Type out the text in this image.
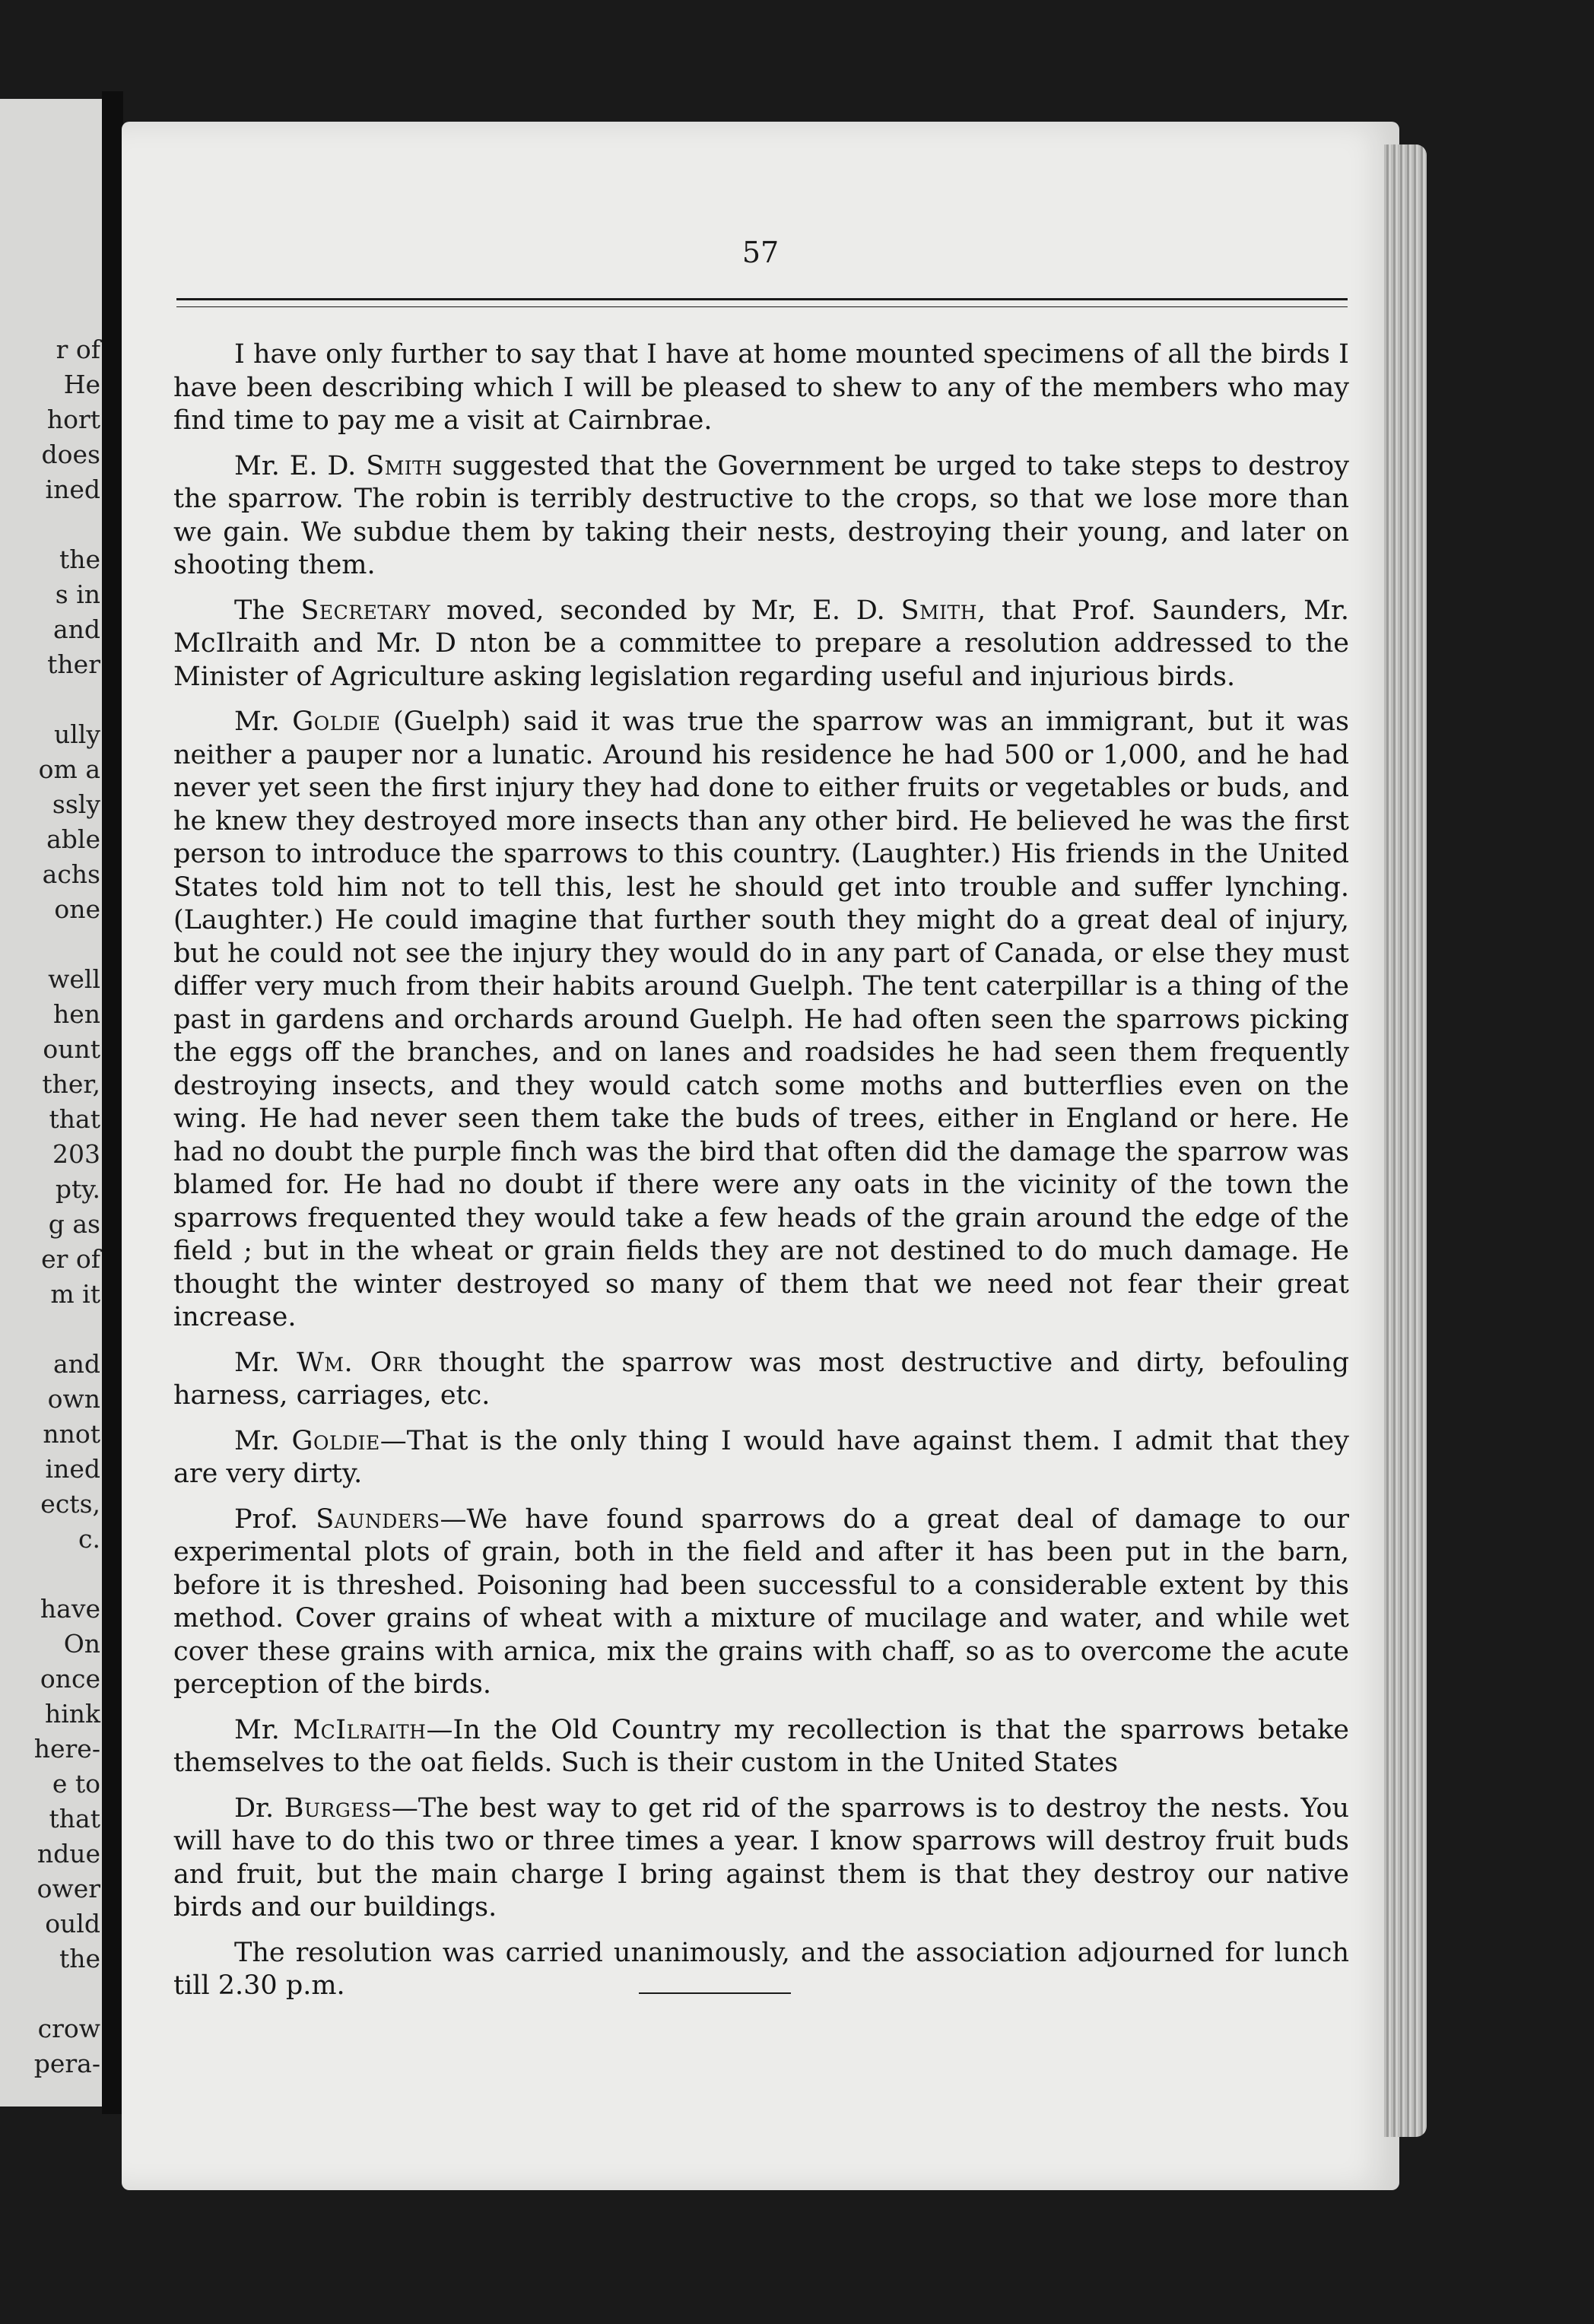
r of
He
hort
does
ined
the
s in
and
ther
ully
om a
ssly
able
achs
one
well
hen
ount
ther,
that
203
pty.
g as
er of
m it
and
own
nnot
ined
ects,
c.
have
On
once
hink
here-
e to
that
ndue
ower
ould
the
crow
pera-
57

I have only further to say that I have at home mounted specimens of all the birds I have been describing which I will be pleased to shew to any of the members who may find time to pay me a visit at Cairnbrae.

Mr. E. D. Smith suggested that the Government be urged to take steps to destroy the sparrow. The robin is terribly destructive to the crops, so that we lose more than we gain. We subdue them by taking their nests, destroying their young, and later on shooting them.

The Secretary moved, seconded by Mr, E. D. Smith, that Prof. Saunders, Mr. McIlraith and Mr. D nton be a committee to prepare a resolution addressed to the Minister of Agriculture asking legislation regarding useful and injurious birds.

Mr. Goldie (Guelph) said it was true the sparrow was an immigrant, but it was neither a pauper nor a lunatic. Around his residence he had 500 or 1,000, and he had never yet seen the first injury they had done to either fruits or vegetables or buds, and he knew they destroyed more insects than any other bird. He believed he was the first person to introduce the sparrows to this country. (Laughter.) His friends in the United States told him not to tell this, lest he should get into trouble and suffer lynching. (Laughter.) He could imagine that further south they might do a great deal of injury, but he could not see the injury they would do in any part of Canada, or else they must differ very much from their habits around Guelph. The tent caterpillar is a thing of the past in gardens and orchards around Guelph. He had often seen the sparrows picking the eggs off the branches, and on lanes and roadsides he had seen them frequently destroying insects, and they would catch some moths and butterflies even on the wing. He had never seen them take the buds of trees, either in England or here. He had no doubt the purple finch was the bird that often did the damage the sparrow was blamed for. He had no doubt if there were any oats in the vicinity of the town the sparrows frequented they would take a few heads of the grain around the edge of the field ; but in the wheat or grain fields they are not destined to do much damage. He thought the winter destroyed so many of them that we need not fear their great increase.

Mr. Wm. Orr thought the sparrow was most destructive and dirty, befouling harness, carriages, etc.

Mr. Goldie—That is the only thing I would have against them. I admit that they are very dirty.

Prof. Saunders—We have found sparrows do a great deal of damage to our experimental plots of grain, both in the field and after it has been put in the barn, before it is threshed. Poisoning had been successful to a considerable extent by this method. Cover grains of wheat with a mixture of mucilage and water, and while wet cover these grains with arnica, mix the grains with chaff, so as to overcome the acute perception of the birds.

Mr. McIlraith—In the Old Country my recollection is that the sparrows betake themselves to the oat fields. Such is their custom in the United States

Dr. Burgess—The best way to get rid of the sparrows is to destroy the nests. You will have to do this two or three times a year. I know sparrows will destroy fruit buds and fruit, but the main charge I bring against them is that they destroy our native birds and our buildings.

The resolution was carried unanimously, and the association adjourned for lunch till 2.30 p.m.
